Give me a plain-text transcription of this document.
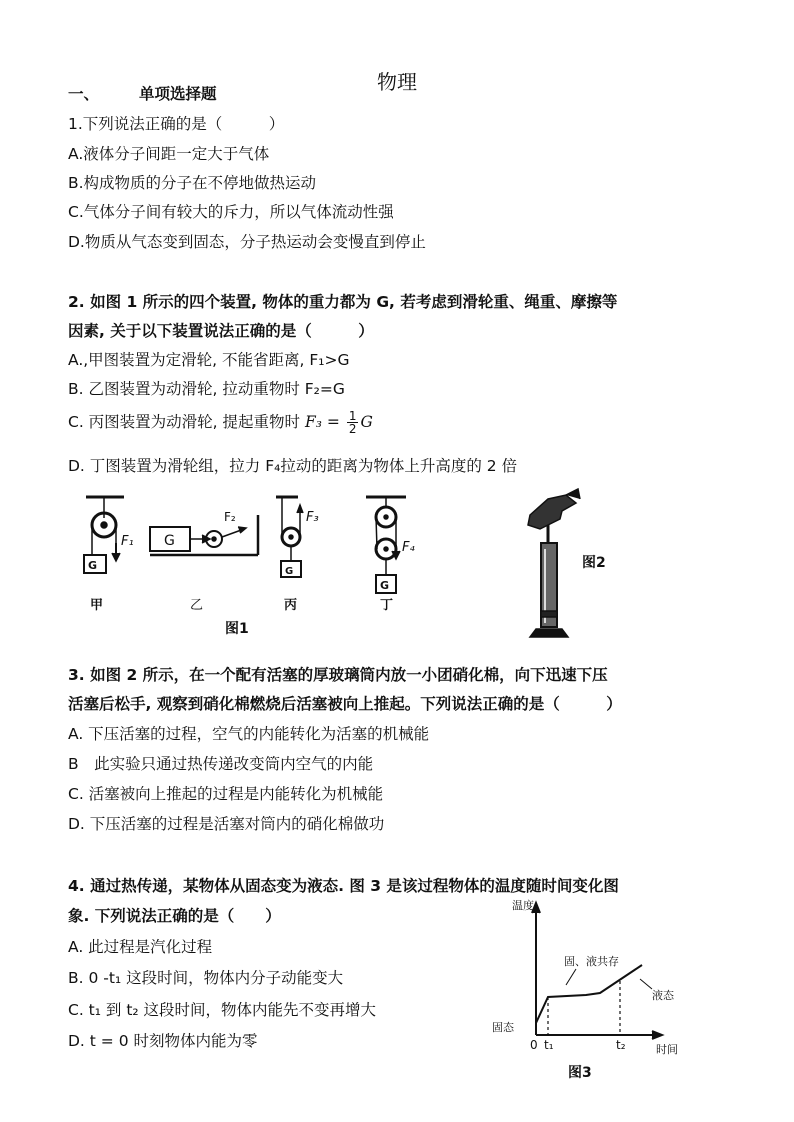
物理
一、	单项选择题
1.下列说法正确的是（　　　）
A.液体分子间距一定大于气体
B.构成物质的分子在不停地做热运动
C.气体分子间有较大的斥力，所以气体流动性强
D.物质从气态变到固态，分子热运动会变慢直到停止
2. 如图 1 所示的四个装置, 物体的重力都为 G, 若考虑到滑轮重、绳重、摩擦等
因素, 关于以下装置说法正确的是（　　　）
A.,甲图装置为定滑轮, 不能省距离, F₁>G
B. 乙图装置为动滑轮, 拉动重物时 F₂=G
C. 丙图装置为动滑轮, 提起重物时 $F_3 = \frac{1}{2}$ G
D. 丁图装置为滑轮组，拉力 F₄拉动的距离为物体上升高度的 2 倍
F₁
G
G
F₂	F₃
G
F₄
G
甲	乙	丙	丁
图1
图2
3. 如图 2 所示，在一个配有活塞的厚玻璃筒内放一小团硝化棉，向下迅速下压
活塞后松手, 观察到硝化棉燃烧后活塞被向上推起。下列说法正确的是（　　　）
A. 下压活塞的过程，空气的内能转化为活塞的机械能
B　此实验只通过热传递改变筒内空气的内能
C. 活塞被向上推起的过程是内能转化为机械能
D. 下压活塞的过程是活塞对筒内的硝化棉做功
4. 通过热传递，某物体从固态变为液态. 图 3 是该过程物体的温度随时间变化图
象. 下列说法正确的是（　　）
A. 此过程是汽化过程
B. 0 -t₁ 这段时间，物体内分子动能变大
C. t₁ 到 t₂ 这段时间，物体内能先不变再增大
D. t = 0 时刻物体内能为零
温度
时间
0 t₁	t₂
固态
固、液共存
液态
图3
